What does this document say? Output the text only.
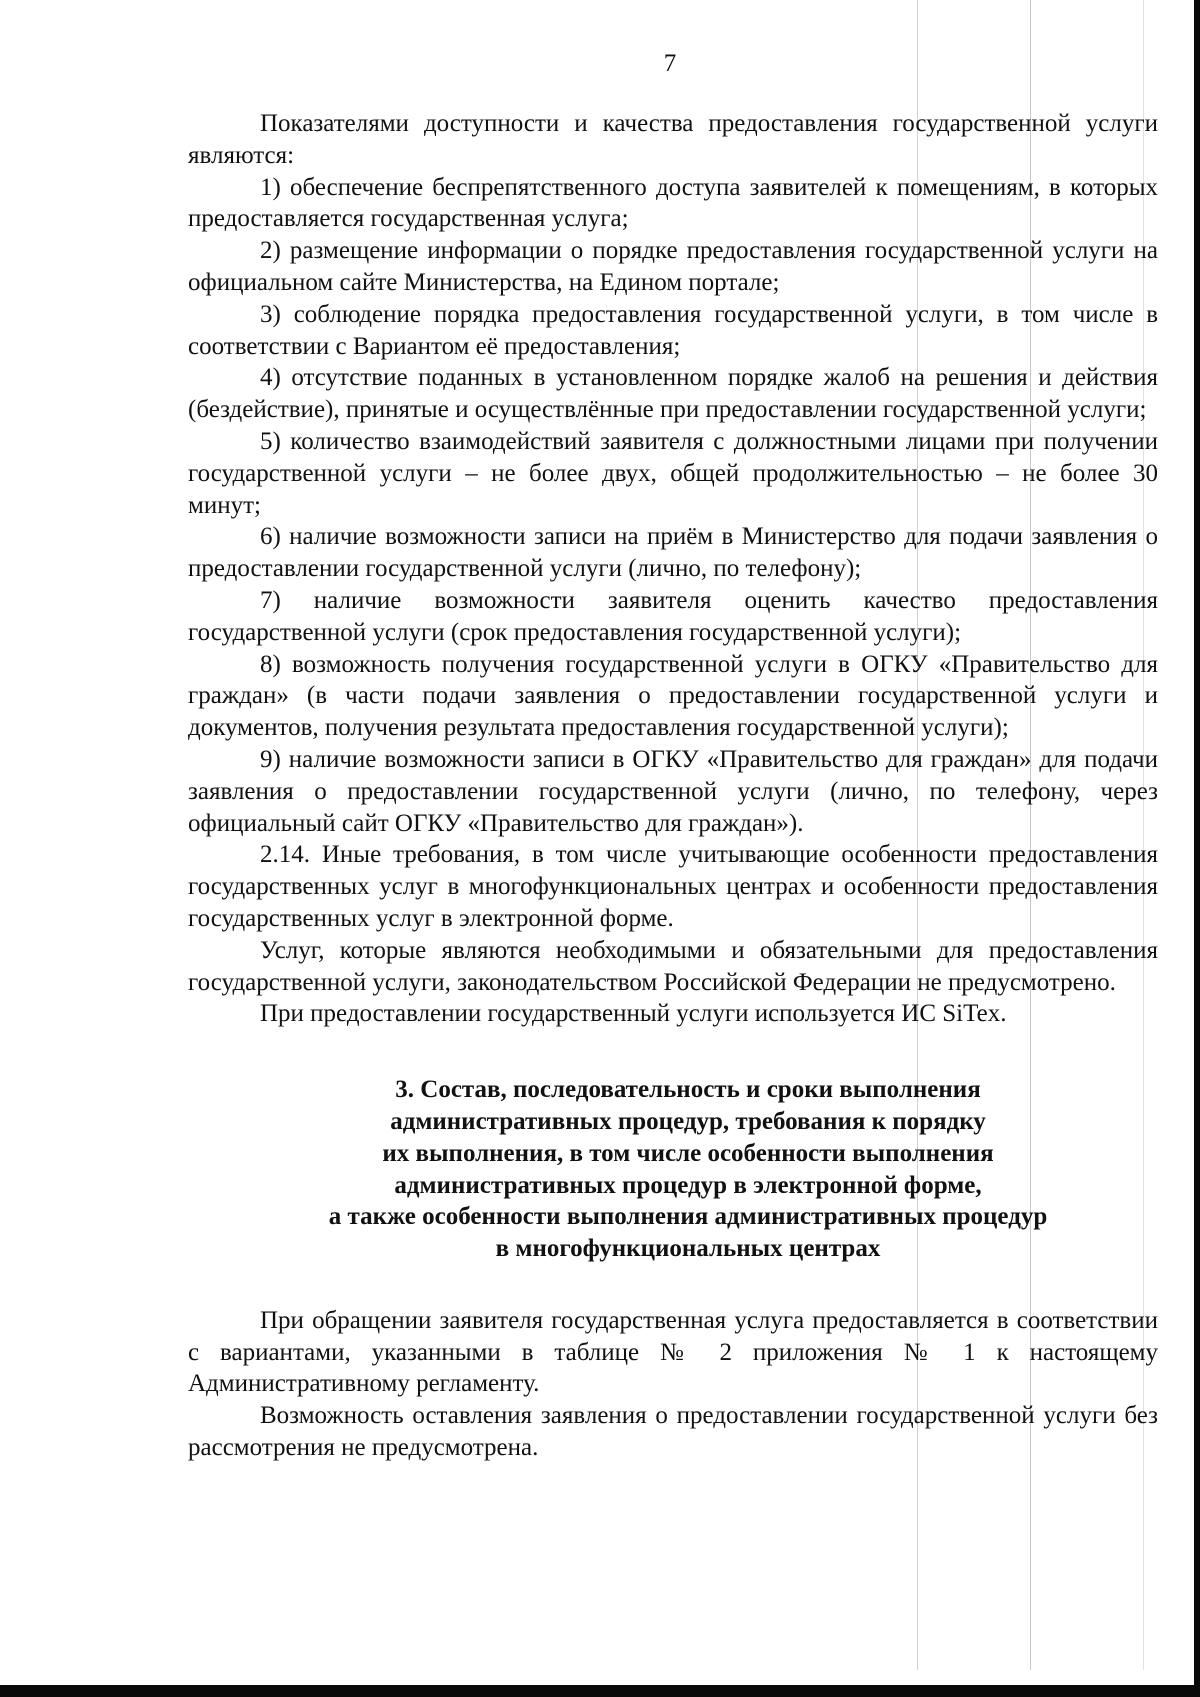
7

Показателями доступности и качества предоставления государственной услуги являются:

1) обеспечение беспрепятственного доступа заявителей к помещениям, в которых предоставляется государственная услуга;

2) размещение информации о порядке предоставления государственной услуги на официальном сайте Министерства, на Едином портале;

3) соблюдение порядка предоставления государственной услуги, в том числе в соответствии с Вариантом её предоставления;

4) отсутствие поданных в установленном порядке жалоб на решения и действия (бездействие), принятые и осуществлённые при предоставлении государственной услуги;

5) количество взаимодействий заявителя с должностными лицами при получении государственной услуги – не более двух, общей продолжительностью – не более 30 минут;

6) наличие возможности записи на приём в Министерство для подачи заявления о предоставлении государственной услуги (лично, по телефону);

7) наличие возможности заявителя оценить качество предоставления государственной услуги (срок предоставления государственной услуги);

8) возможность получения государственной услуги в ОГКУ «Правительство для граждан» (в части подачи заявления о предоставлении государственной услуги и документов, получения результата предоставления государственной услуги);

9) наличие возможности записи в ОГКУ «Правительство для граждан» для подачи заявления о предоставлении государственной услуги (лично, по телефону, через официальный сайт ОГКУ «Правительство для граждан»).

2.14. Иные требования, в том числе учитывающие особенности предоставления государственных услуг в многофункциональных центрах и особенности предоставления государственных услуг в электронной форме.

Услуг, которые являются необходимыми и обязательными для предоставления государственной услуги, законодательством Российской Федерации не предусмотрено.

При предоставлении государственный услуги используется ИС SiTex.

3. Состав, последовательность и сроки выполнения
административных процедур, требования к порядку
их выполнения, в том числе особенности выполнения
административных процедур в электронной форме,
а также особенности выполнения административных процедур
в многофункциональных центрах

При обращении заявителя государственная услуга предоставляется в соответствии с вариантами, указанными в таблице № 2 приложения № 1 к настоящему Административному регламенту.

Возможность оставления заявления о предоставлении государственной услуги без рассмотрения не предусмотрена.
